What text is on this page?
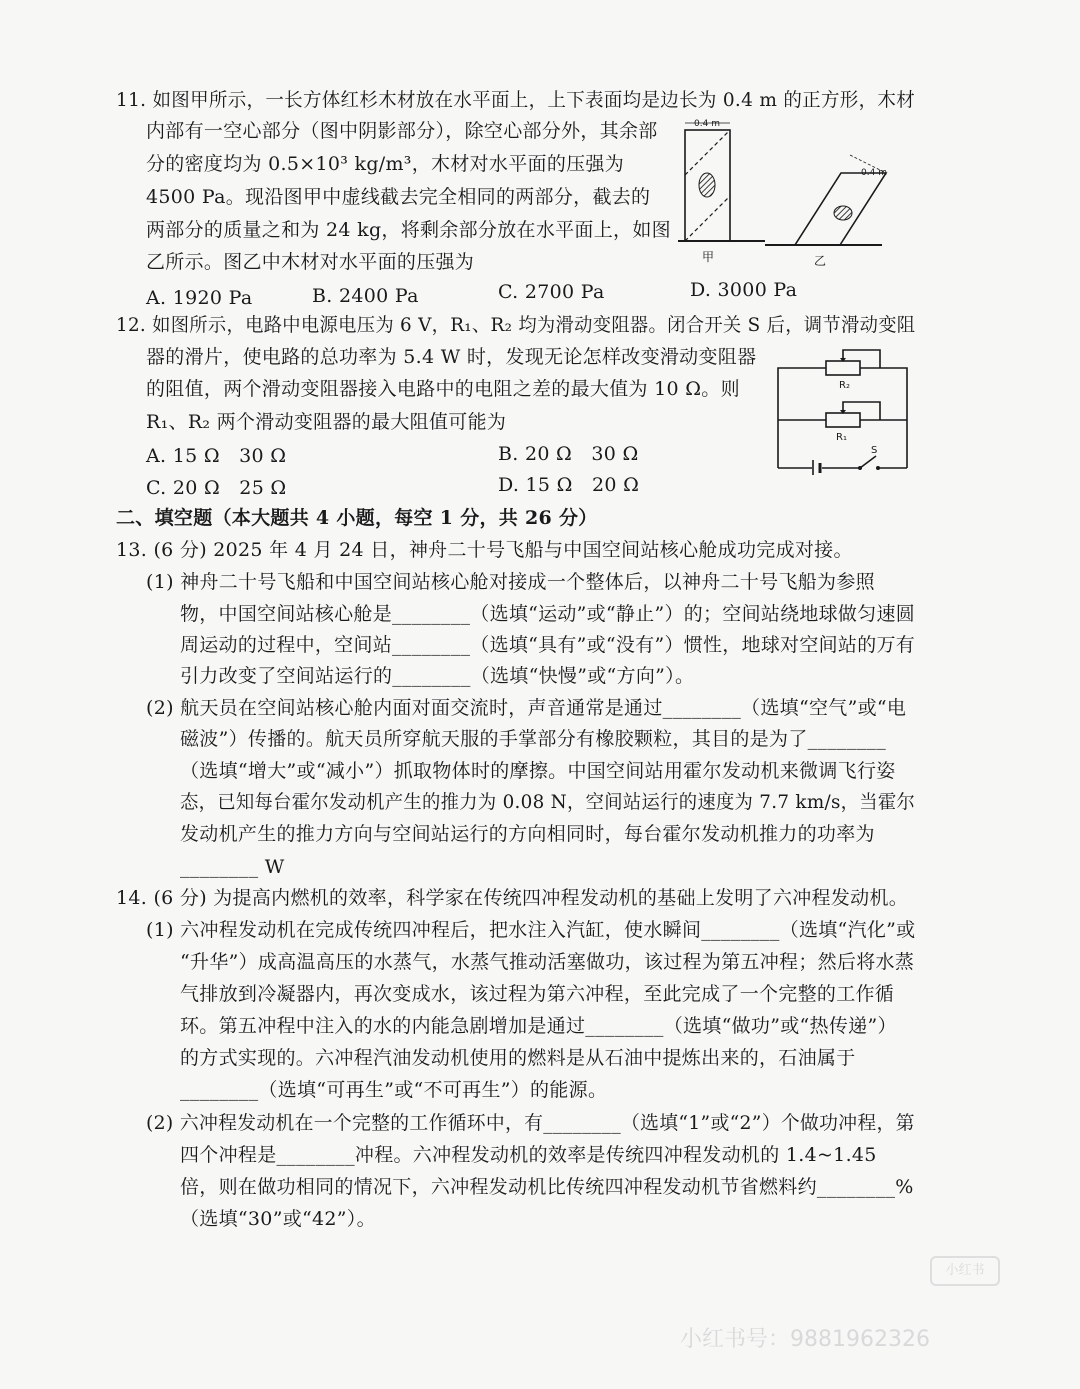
11. 如图甲所示，一长方体红杉木材放在水平面上，上下表面均是边长为 0.4 m 的正方形，木材
内部有一空心部分（图中阴影部分），除空心部分外，其余部
分的密度均为 0.5×10³ kg/m³，木材对水平面的压强为
4500 Pa。现沿图甲中虚线截去完全相同的两部分，截去的
两部分的质量之和为 24 kg，将剩余部分放在水平面上，如图
乙所示。图乙中木材对水平面的压强为
A. 1920 Pa	B. 2400 Pa	C. 2700 Pa	D. 3000 Pa
0.4 m
甲
0.4 m
乙
12. 如图所示，电路中电源电压为 6 V，R₁、R₂ 均为滑动变阻器。闭合开关 S 后，调节滑动变阻
器的滑片，使电路的总功率为 5.4 W 时，发现无论怎样改变滑动变阻器
的阻值，两个滑动变阻器接入电路中的电阻之差的最大值为 10 Ω。则
R₁、R₂ 两个滑动变阻器的最大阻值可能为
A. 15 Ω　30 Ω	B. 20 Ω　30 Ω
C. 20 Ω　25 Ω	D. 15 Ω　20 Ω
R₂
R₁
S
二、填空题（本大题共 4 小题，每空 1 分，共 26 分）
13. (6 分) 2025 年 4 月 24 日，神舟二十号飞船与中国空间站核心舱成功完成对接。
(1) 神舟二十号飞船和中国空间站核心舱对接成一个整体后，以神舟二十号飞船为参照
物，中国空间站核心舱是________（选填“运动”或“静止”）的；空间站绕地球做匀速圆
周运动的过程中，空间站________（选填“具有”或“没有”）惯性，地球对空间站的万有
引力改变了空间站运行的________（选填“快慢”或“方向”）。
(2) 航天员在空间站核心舱内面对面交流时，声音通常是通过________（选填“空气”或“电
磁波”）传播的。航天员所穿航天服的手掌部分有橡胶颗粒，其目的是为了________
（选填“增大”或“减小”）抓取物体时的摩擦。中国空间站用霍尔发动机来微调飞行姿
态，已知每台霍尔发动机产生的推力为 0.08 N，空间站运行的速度为 7.7 km/s，当霍尔
发动机产生的推力方向与空间站运行的方向相同时，每台霍尔发动机推力的功率为
________ W
14. (6 分) 为提高内燃机的效率，科学家在传统四冲程发动机的基础上发明了六冲程发动机。
(1) 六冲程发动机在完成传统四冲程后，把水注入汽缸，使水瞬间________（选填“汽化”或
“升华”）成高温高压的水蒸气，水蒸气推动活塞做功，该过程为第五冲程；然后将水蒸
气排放到冷凝器内，再次变成水，该过程为第六冲程，至此完成了一个完整的工作循
环。第五冲程中注入的水的内能急剧增加是通过________（选填“做功”或“热传递”）
的方式实现的。六冲程汽油发动机使用的燃料是从石油中提炼出来的，石油属于
________（选填“可再生”或“不可再生”）的能源。
(2) 六冲程发动机在一个完整的工作循环中，有________（选填“1”或“2”）个做功冲程，第
四个冲程是________冲程。六冲程发动机的效率是传统四冲程发动机的 1.4~1.45
倍，则在做功相同的情况下，六冲程发动机比传统四冲程发动机节省燃料约________%
（选填“30”或“42”）。
小红书
小红书号：9881962326
